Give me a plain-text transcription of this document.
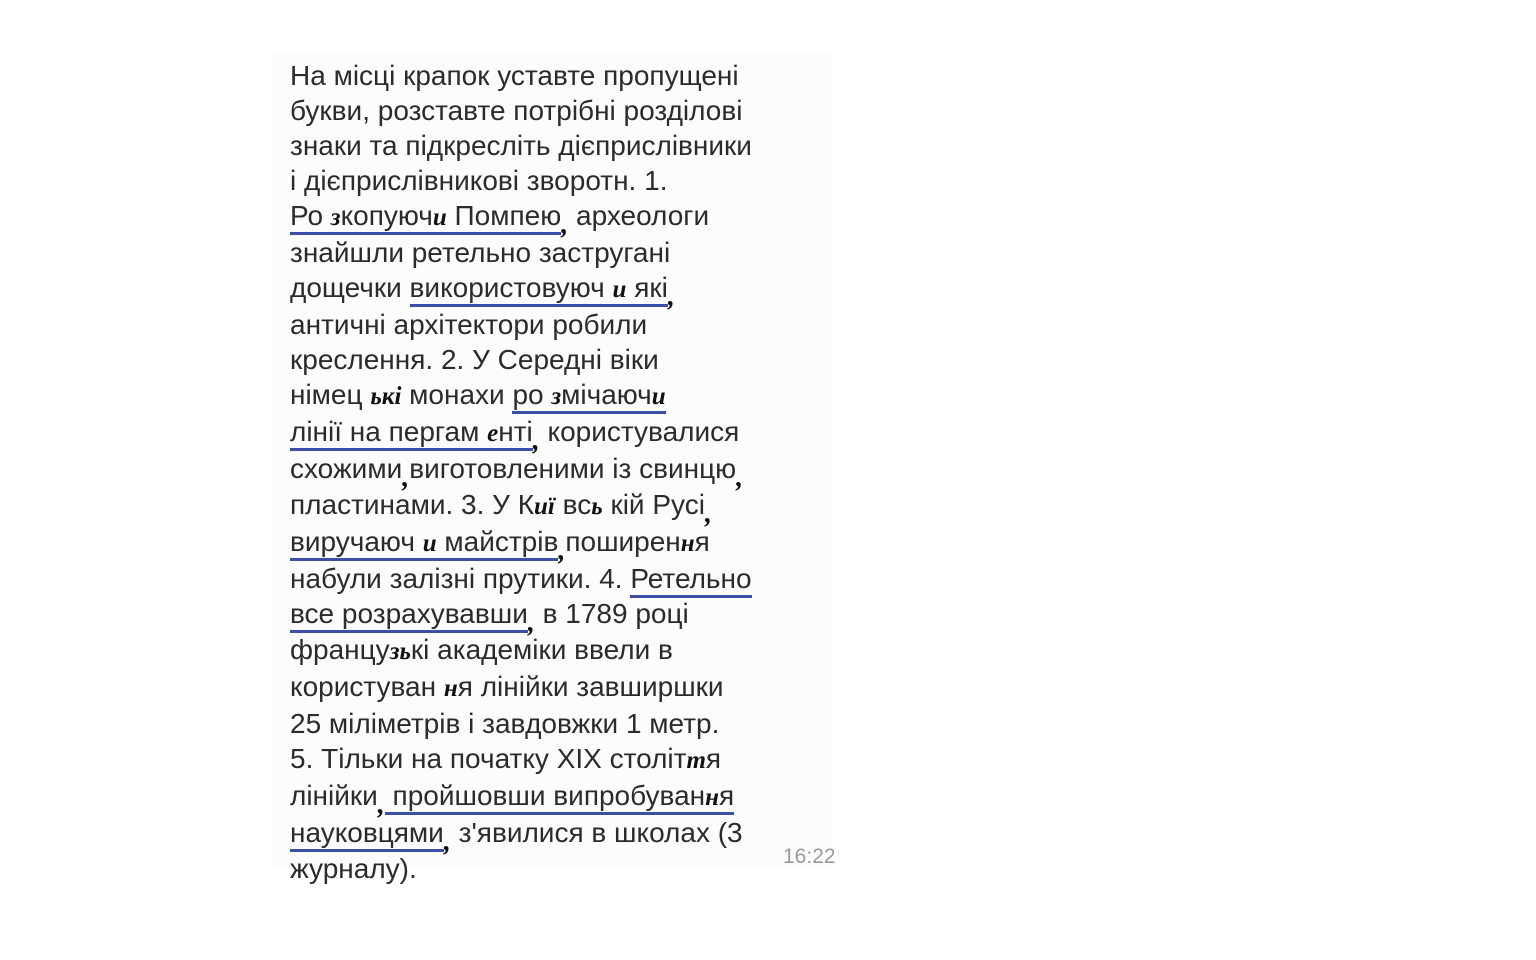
На місці крапок уставте пропущені
букви, розставте потрібні розділові
знаки та підкресліть дієприслівники
і дієприслівникові зворотн. 1.
Ро зкопуючи Помпею, археологи
знайшли ретельно застругані
дощечки використовуюч и які,
античні архітектори робили
креслення. 2. У Середні віки
німец ькі монахи ро змічаючи
лінії на пергам енті, користувалися
схожими,виготовленими із свинцю,
пластинами. 3. У Киї всь кій Русі,
виручаюч и майстрів,поширення
набули залізні прутики. 4. Ретельно
все розрахувавши, в 1789 році
французькі академіки ввели в
користуван ня лінійки завширшки
25 міліметрів і завдовжки 1 метр.
5. Тільки на початку XIX століття
лінійки, пройшовши випробування
науковцями, з'явилися в школах (3
журналу).	16:22
